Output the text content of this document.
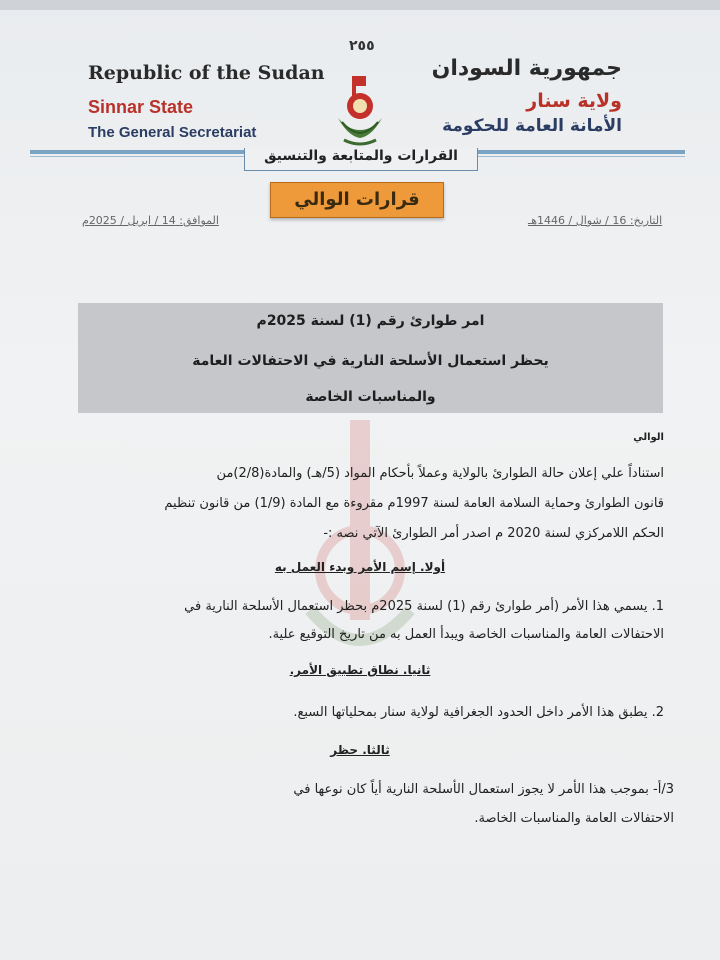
٢٥٥
Republic of the Sudan
Sinnar State
The General Secretariat
جمهورية السودان
ولاية سنار
الأمانة العامة للحكومة
القرارات والمتابعة والتنسيق
قرارات الوالي
الموافق: 14 / ابريل / 2025م	التاريخ: 16 / شوال / 1446هـ
امر طوارئ رقم (1) لسنة 2025م
يحظر استعمال الأسلحة النارية في الاحتفالات العامة
والمناسبات الخاصة
الوالي
استناداً علي إعلان حالة الطوارئ بالولاية وعملاً بأحكام المواد (5/هـ) والمادة(2/8)من
قانون الطوارئ وحماية السلامة العامة لسنة 1997م مقروءة مع المادة (1/9) من قانون تنظيم
الحكم اللامركزي لسنة 2020 م اصدر أمر الطوارئ الآتي نصه :-
أولا. إسم الأمر وبدء العمل به
1. يسمي هذا الأمر (أمر طوارئ رقم (1) لسنة 2025م بحظر استعمال الأسلحة النارية في
الاحتفالات العامة والمناسبات الخاصة ويبدأ العمل به من تاريخ التوقيع علية.
ثانيا. نطاق تطبيق الأمر.
2. يطبق هذا الأمر داخل الحدود الجغرافية لولاية سنار بمحلياتها السبع.
ثالثا. حظر
3/أ- بموجب هذا الأمر لا يجوز استعمال الأسلحة النارية أياً كان نوعها في
الاحتفالات العامة والمناسبات الخاصة.
